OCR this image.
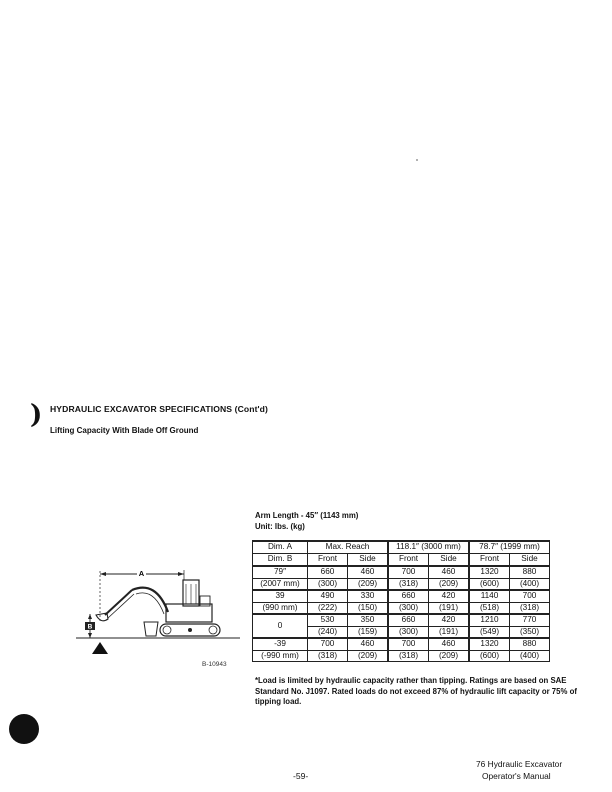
) HYDRAULIC EXCAVATOR SPECIFICATIONS (Cont'd)
Lifting Capacity With Blade Off Ground
Arm Length - 45″ (1143 mm)
Unit: lbs. (kg)
A
B
B-10943
Dim. A	Max. Reach		118.1″ (3000 mm)		78.7″ (1999 mm)	
Dim. B	Front	Side	Front	Side	Front	Side
79″	660	460	700	460	1320	880
(2007 mm)	(300)	(209)	(318)	(209)	(600)	(400)
39	490	330	660	420	1140	700
(990 mm)	(222)	(150)	(300)	(191)	(518)	(318)
0	530	350	660	420	1210	770
	(240)	(159)	(300)	(191)	(549)	(350)
-39	700	460	700	460	1320	880
(-990 mm)	(318)	(209)	(318)	(209)	(600)	(400)
*Load is limited by hydraulic capacity rather than tipping. Ratings are based on SAE Standard No. J1097. Rated loads do not exceed 87% of hydraulic lift capacity or 75% of tipping load.
-59-
76 Hydraulic Excavator
Operator's Manual
